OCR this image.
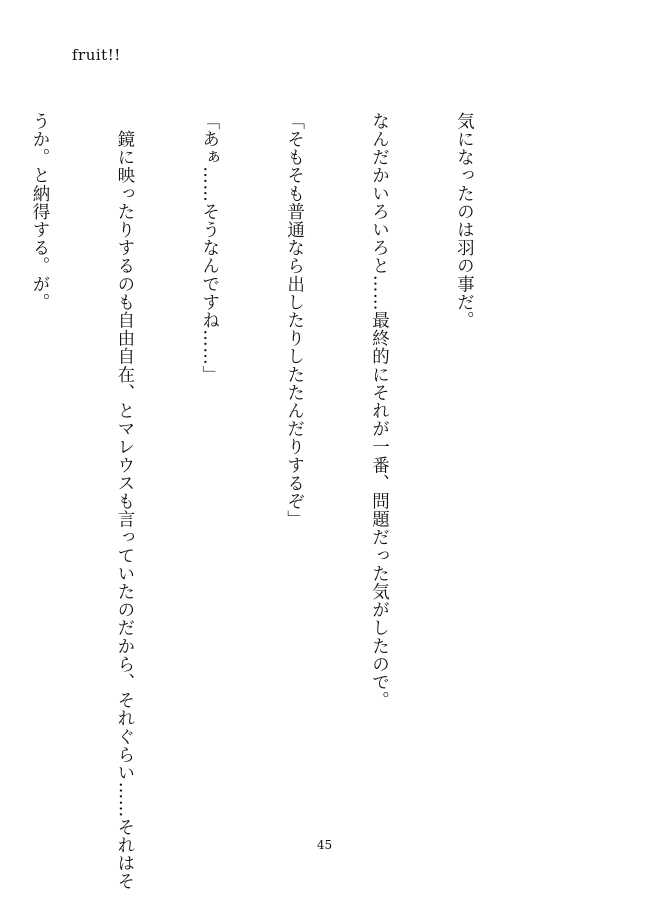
fruit!!

気になったのは羽の事だ。

なんだかいろいろと……最終的にそれが一番、問題だった気がしたので。

「そもそも普通なら出したりしたたんだりするぞ」

「あぁ……そうなんですね……」

　鏡に映ったりするのも自由自在、とマレウスも言っていたのだから、それぐらい……それはそ

うか。と納得する。が。

45
